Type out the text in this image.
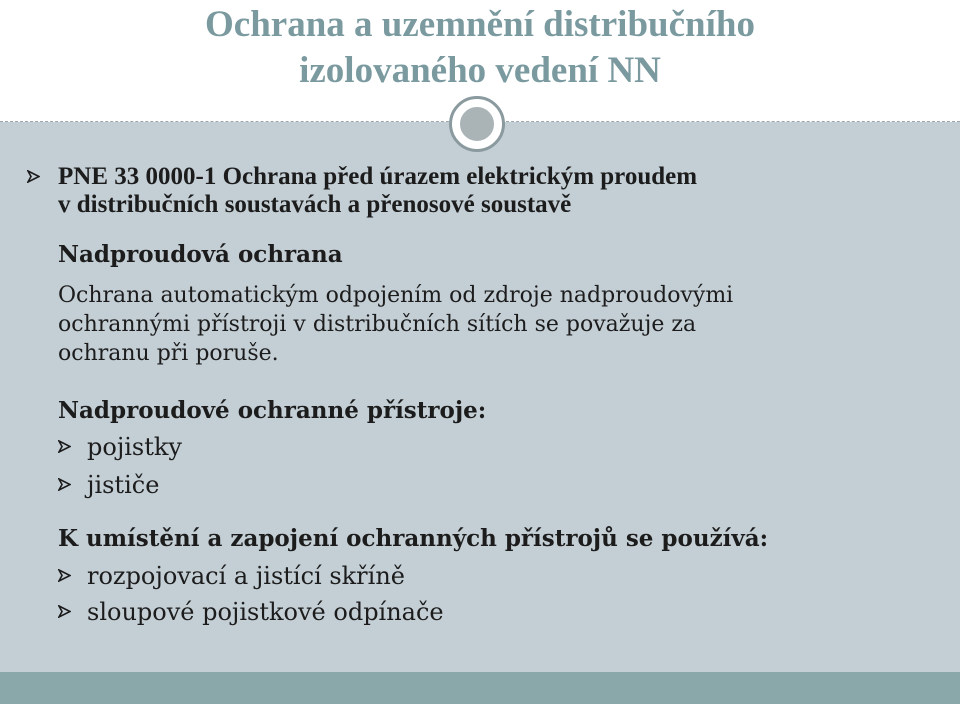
Ochrana a uzemnění distribučního
izolovaného vedení NN
PNE 33 0000-1 Ochrana před úrazem elektrickým proudem
v distribučních soustavách a přenosové soustavě
Nadproudová ochrana
Ochrana automatickým odpojením od zdroje nadproudovými
ochrannými přístroji v distribučních sítích se považuje za
ochranu při poruše.
Nadproudové ochranné přístroje:
pojistky
jističe
K umístění a zapojení ochranných přístrojů se používá:
rozpojovací a jistící skříně
sloupové pojistkové odpínače
